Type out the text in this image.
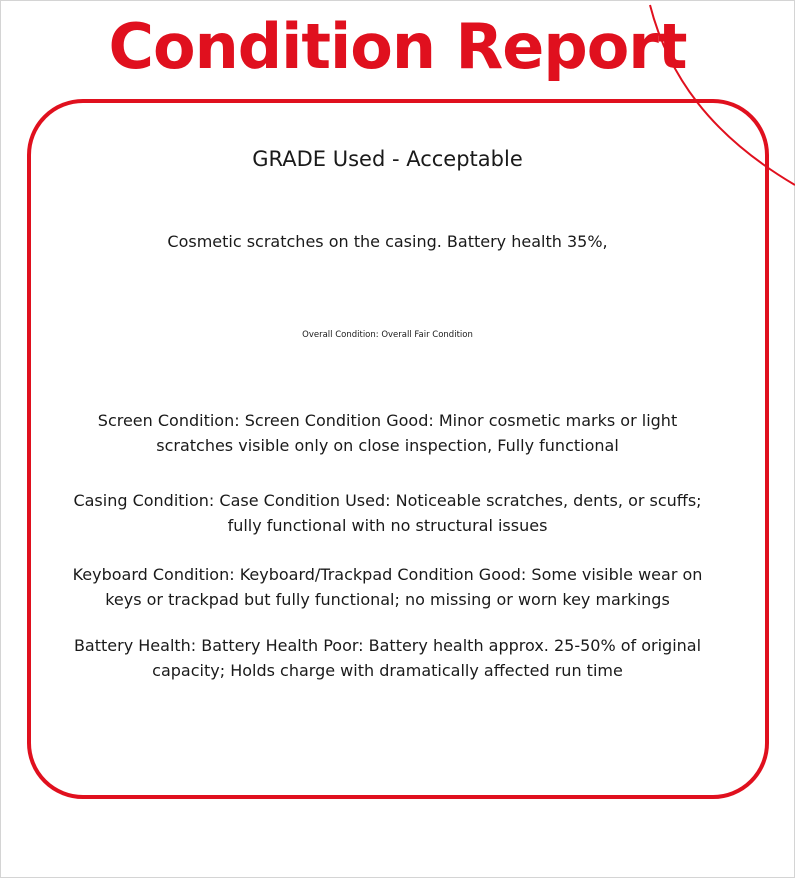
Condition Report
GRADE Used - Acceptable
Cosmetic scratches on the casing. Battery health 35%,
Overall Condition: Overall Fair Condition
Screen Condition: Screen Condition Good: Minor cosmetic marks or light scratches visible only on close inspection, Fully functional
Casing Condition: Case Condition Used: Noticeable scratches, dents, or scuffs; fully functional with no structural issues
Keyboard Condition: Keyboard/Trackpad Condition Good: Some visible wear on keys or trackpad but fully functional; no missing or worn key markings
Battery Health: Battery Health Poor: Battery health approx. 25-50% of original capacity; Holds charge with dramatically affected run time
